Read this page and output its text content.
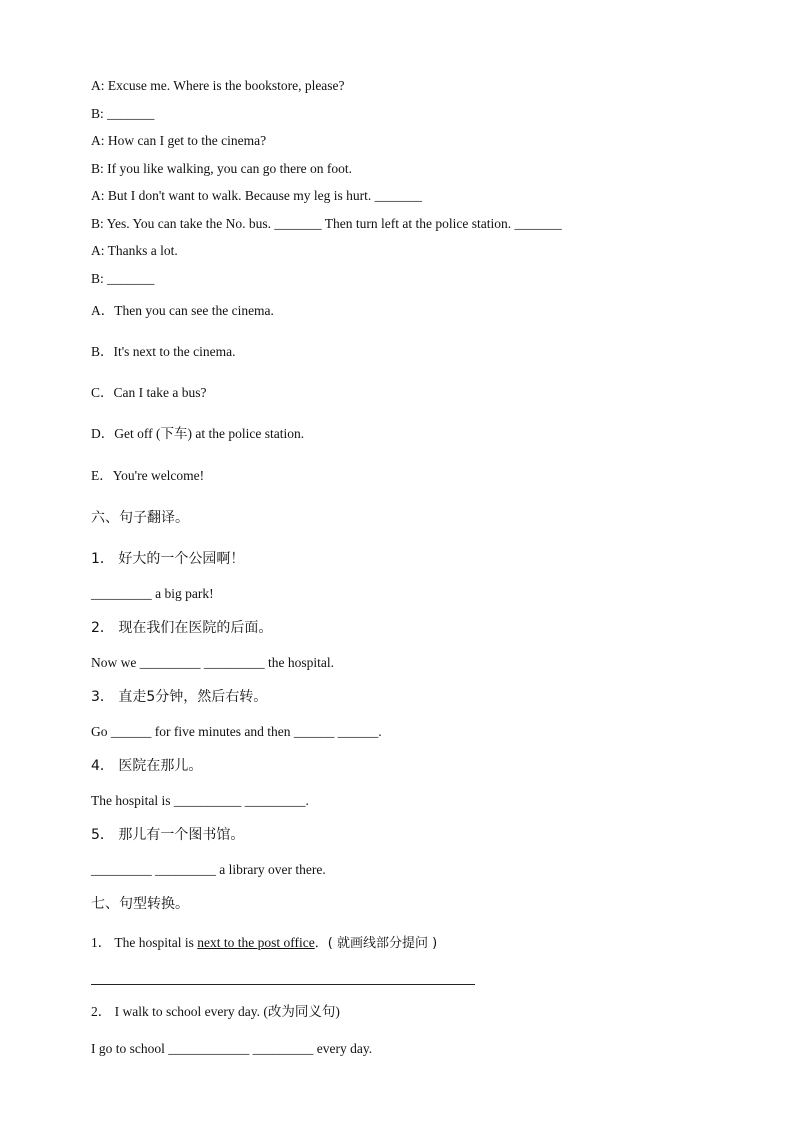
A: Excuse me. Where is the bookstore, please?
B: _______
A: How can I get to the cinema?
B: If you like walking, you can go there on foot.
A: But I don't want to walk. Because my leg is hurt. _______
B: Yes. You can take the No. bus. _______ Then turn left at the police station. _______
A: Thanks a lot.
B: _______
A．Then you can see the cinema.
B．It's next to the cinema.
C．Can I take a bus?
D．Get off (下车) at the police station.
E．You're welcome!
六、句子翻译。
1． 好大的一个公园啊！
_________ a big park!
2． 现在我们在医院的后面。
Now we _________ _________ the hospital.
3． 直走5分钟，然后右转。
Go ______ for five minutes and then ______ ______.
4． 医院在那儿。
The hospital is __________ _________.
5． 那儿有一个图书馆。
_________ _________ a library over there.
七、句型转换。
1． The hospital is next to the post office．( 就画线部分提问 )
2． I walk to school every day. (改为同义句)
I go to school ____________ _________ every day.
